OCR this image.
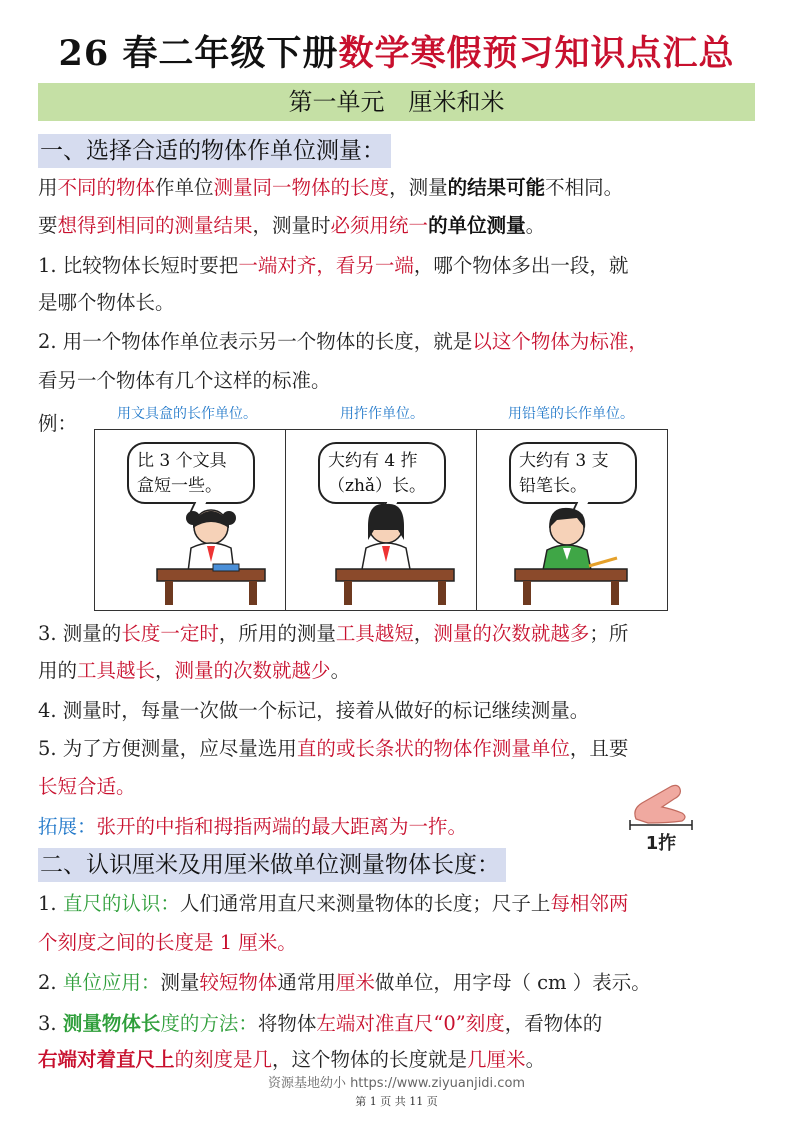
26 春二年级下册数学寒假预习知识点汇总
第一单元　厘米和米
一、选择合适的物体作单位测量：
用不同的物体作单位测量同一物体的长度，测量的结果可能不相同。
要想得到相同的测量结果，测量时必须用统一的单位测量。
1. 比较物体长短时要把一端对齐，看另一端，哪个物体多出一段，就
是哪个物体长。
2. 用一个物体作单位表示另一个物体的长度，就是以这个物体为标准，
看另一个物体有几个这样的标准。
例：	用文具盒的长作单位。	用拃作单位。	用铅笔的长作单位。
比 3 个文具
盒短一些。
大约有 4 拃
（zhǎ）长。
大约有 3 支
铅笔长。
3. 测量的长度一定时，所用的测量工具越短，测量的次数就越多；所
用的工具越长，测量的次数就越少。
4. 测量时，每量一次做一个标记，接着从做好的标记继续测量。
5. 为了方便测量，应尽量选用直的或长条状的物体作测量单位，且要
长短合适。
拓展：张开的中指和拇指两端的最大距离为一拃。
1拃
二、认识厘米及用厘米做单位测量物体长度：
1. 直尺的认识：人们通常用直尺来测量物体的长度；尺子上每相邻两
个刻度之间的长度是 1 厘米。
2. 单位应用：测量较短物体通常用厘米做单位，用字母（ cm ）表示。
3. 测量物体长度的方法：将物体左端对准直尺“0”刻度，看物体的
右端对着直尺上的刻度是几，这个物体的长度就是几厘米。
资源基地幼小 https://www.ziyuanjidi.com
第 1 页 共 11 页
